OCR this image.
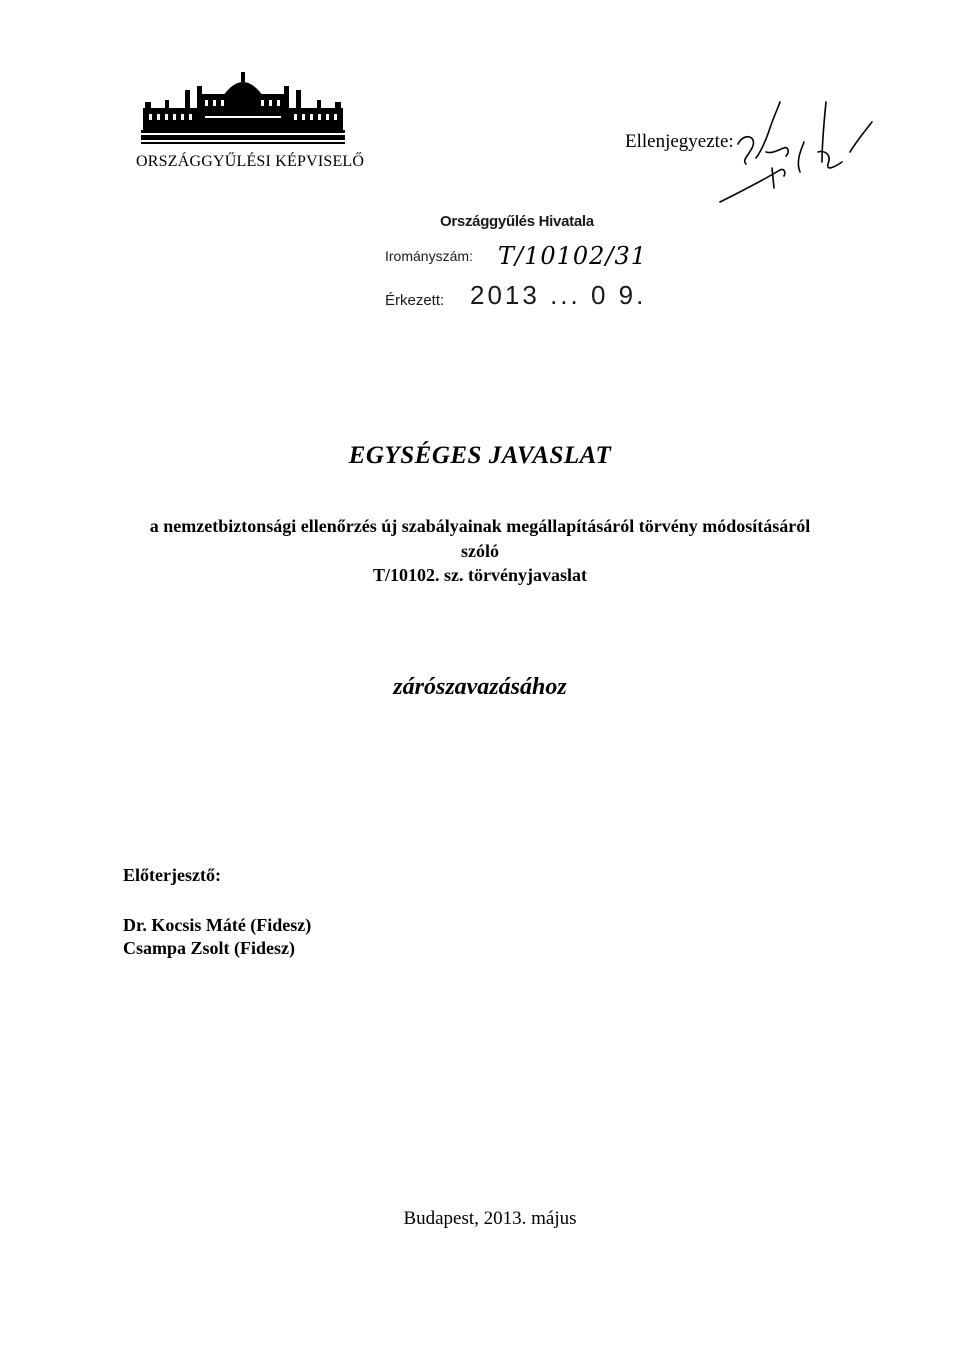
ORSZÁGGYŰLÉSI KÉPVISELŐ
Ellenjegyezte:
Országgyűlés Hivatala
Irományszám: T/10102/31
Érkezett: 2013 ... 0 9.
EGYSÉGES JAVASLAT
a nemzetbiztonsági ellenőrzés új szabályainak megállapításáról törvény módosításáról
szóló
T/10102. sz. törvényjavaslat
zárószavazásához
Előterjesztő:
Dr. Kocsis Máté (Fidesz)
Csampa Zsolt (Fidesz)
Budapest, 2013. május
